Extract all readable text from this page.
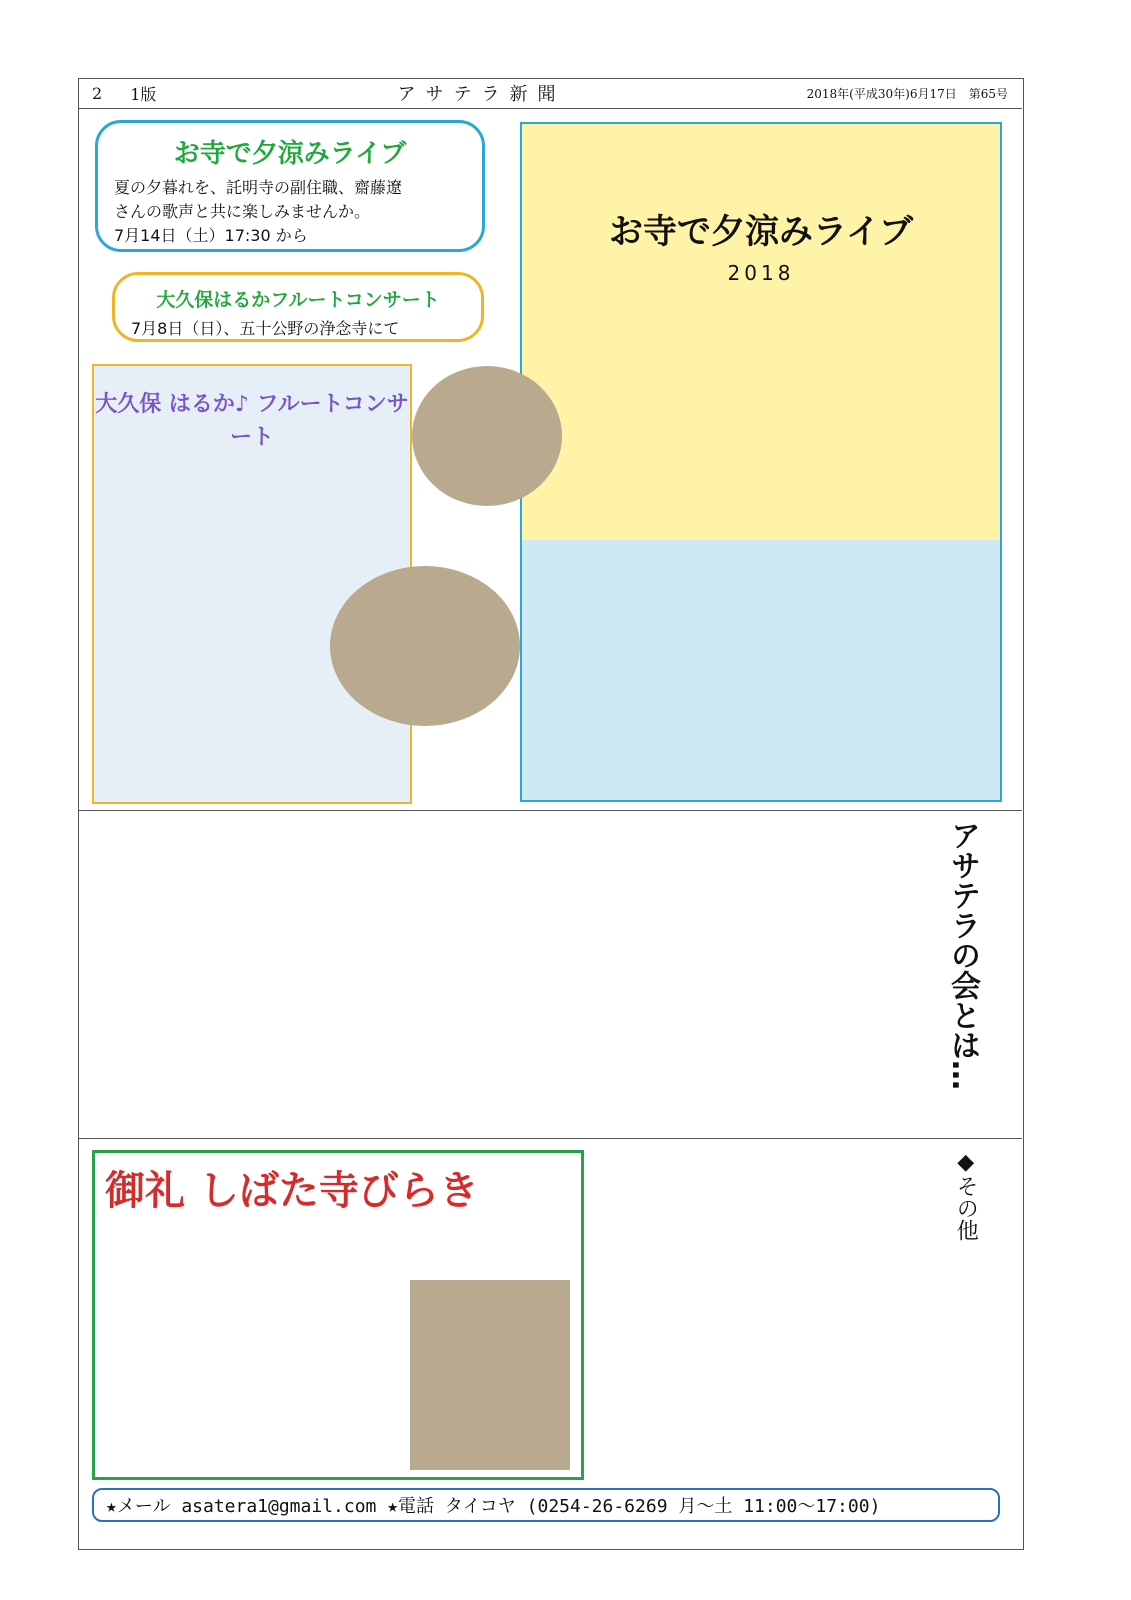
2 1版	アサテラ新聞	2018年(平成30年)6月17日　第65号
お寺で夕涼みライブ

夏の夕暮れを、託明寺の副住職、齋藤遼
さんの歌声と共に楽しみませんか。
7月14日（土）17:30 から

大久保はるかフルートコンサート

7月8日（日）、五十公野の浄念寺にて

お寺で夕涼みライブ
2018
大久保 はるか♪ フルートコンサート
アサテラの会とは…
◆その他
御礼 しばた寺びらき
★メール asatera1@gmail.com ★電話 タイコヤ (0254-26-6269 月～土 11:00～17:00)
